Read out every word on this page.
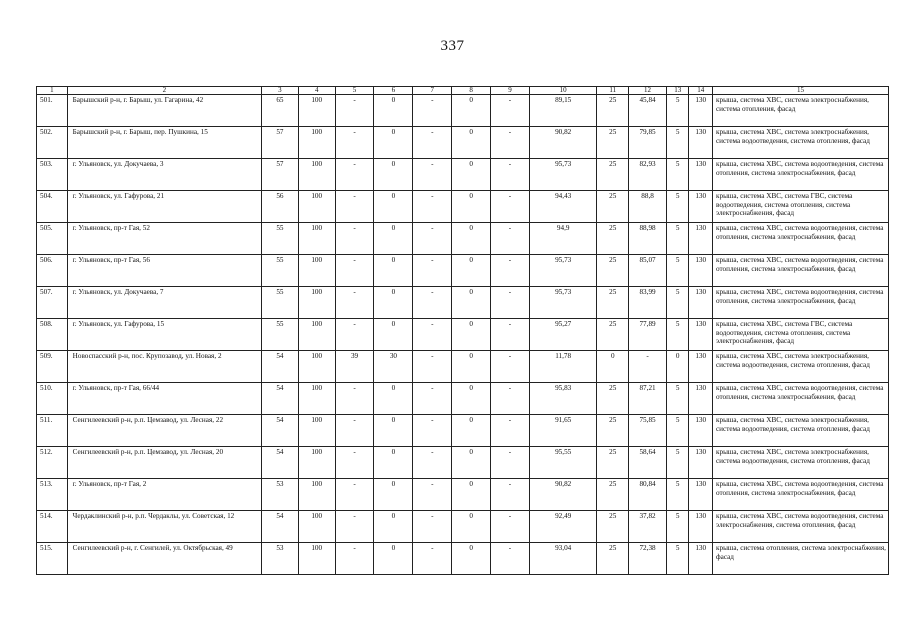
337
1	2	3	4	5	6	7	8	9	10	11	12	13	14	15
501.	Барышский р-н, г. Барыш, ул. Гагарина, 42	65	100	-	0	-	0	-	89,15	25	45,84	5	130	крыша, система ХВС, система электроснабжения, система отопления, фасад
502.	Барышский р-н, г. Барыш, пер. Пушкина, 15	57	100	-	0	-	0	-	90,82	25	79,85	5	130	крыша, система ХВС, система электроснабжения, система водоотведения, система отопления, фасад
503.	г. Ульяновск, ул. Докучаева, 3	57	100	-	0	-	0	-	95,73	25	82,93	5	130	крыша, система ХВС, система водоотведения, система отопления, система электроснабжения, фасад
504.	г. Ульяновск, ул. Гафурова, 21	56	100	-	0	-	0	-	94,43	25	88,8	5	130	крыша, система ХВС, система ГВС, система водоотведения, система отопления, система электроснабжения, фасад
505.	г. Ульяновск, пр-т Гая, 52	55	100	-	0	-	0	-	94,9	25	88,98	5	130	крыша, система ХВС, система водоотведения, система отопления, система электроснабжения, фасад
506.	г. Ульяновск, пр-т Гая, 56	55	100	-	0	-	0	-	95,73	25	85,07	5	130	крыша, система ХВС, система водоотведения, система отопления, система электроснабжения, фасад
507.	г. Ульяновск, ул. Докучаева, 7	55	100	-	0	-	0	-	95,73	25	83,99	5	130	крыша, система ХВС, система водоотведения, система отопления, система электроснабжения, фасад
508.	г. Ульяновск, ул. Гафурова, 15	55	100	-	0	-	0	-	95,27	25	77,89	5	130	крыша, система ХВС, система ГВС, система водоотведения, система отопления, система электроснабжения, фасад
509.	Новоспасский р-н, пос. Крупозавод, ул. Новая, 2	54	100	39	30	-	0	-	11,78	0	-	0	130	крыша, система ХВС, система электроснабжения, система водоотведения, система отопления, фасад
510.	г. Ульяновск, пр-т Гая, 66/44	54	100	-	0	-	0	-	95,83	25	87,21	5	130	крыша, система ХВС, система водоотведения, система отопления, система электроснабжения, фасад
511.	Сенгилеевский р-н, р.п. Цемзавод, ул. Лесная, 22	54	100	-	0	-	0	-	91,65	25	75,85	5	130	крыша, система ХВС, система электроснабжения, система водоотведения, система отопления, фасад
512.	Сенгилеевский р-н, р.п. Цемзавод, ул. Лесная, 20	54	100	-	0	-	0	-	95,55	25	58,64	5	130	крыша, система ХВС, система электроснабжения, система водоотведения, система отопления, фасад
513.	г. Ульяновск, пр-т Гая, 2	53	100	-	0	-	0	-	90,82	25	80,84	5	130	крыша, система ХВС, система водоотведения, система отопления, система электроснабжения, фасад
514.	Чердаклинский р-н, р.п. Чердаклы, ул. Советская, 12	54	100	-	0	-	0	-	92,49	25	37,82	5	130	крыша, система ХВС, система водоотведения, система электроснабжения, система отопления, фасад
515.	Сенгилеевский р-н, г. Сенгилей, ул. Октябрьская, 49	53	100	-	0	-	0	-	93,04	25	72,38	5	130	крыша, система отопления, система электроснабжения, фасад
